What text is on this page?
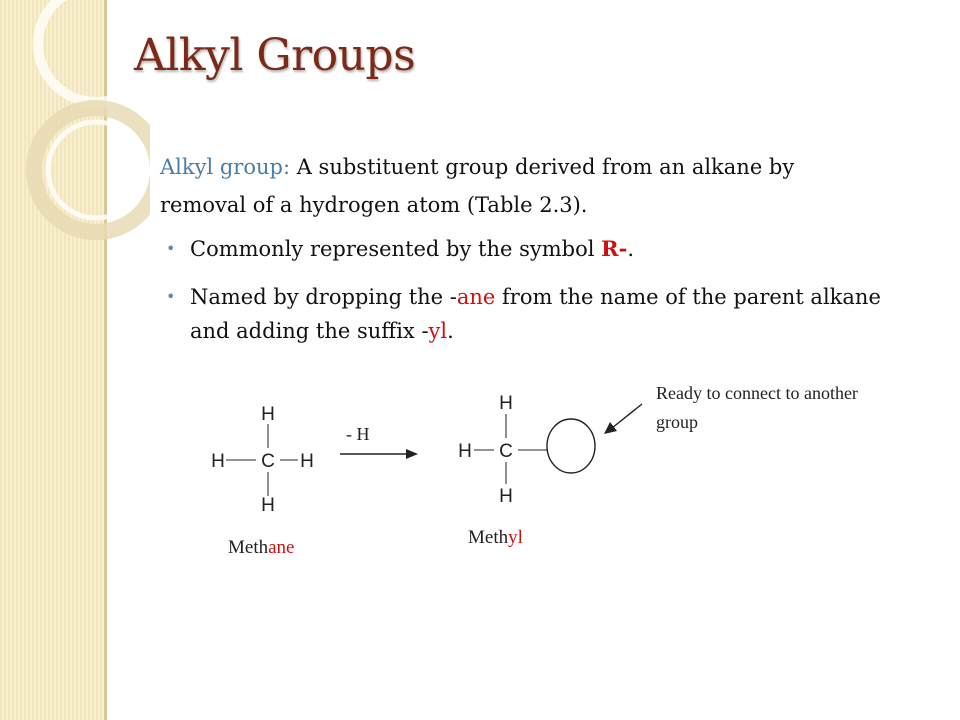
Alkyl Groups
Alkyl group: A substituent group derived from an alkane by removal of a hydrogen atom (Table 2.3).
• Commonly represented by the symbol R-.
• Named by dropping the -ane from the name of the parent alkane and adding the suffix -yl.
H
H C H
H
Methane
- H
H
H C
H
Methyl
Ready to connect to another
group
